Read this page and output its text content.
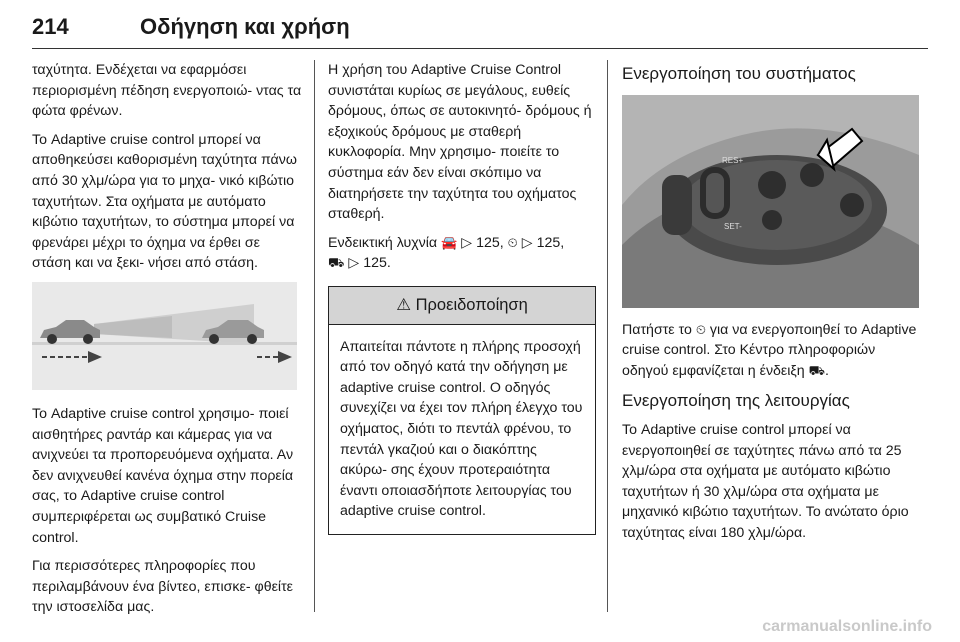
214	Οδήγηση και χρήση

ταχύτητα. Ενδέχεται να εφαρμόσει περιορισμένη πέδηση ενεργοποιώ- ντας τα φώτα φρένων.

Το Adaptive cruise control μπορεί να αποθηκεύσει καθορισμένη ταχύτητα πάνω από 30 χλμ/ώρα για το μηχα- νικό κιβώτιο ταχυτήτων. Στα οχήματα με αυτόματο κιβώτιο ταχυτήτων, το σύστημα μπορεί να φρενάρει μέχρι το όχημα να έρθει σε στάση και να ξεκι- νήσει από στάση.

Το Adaptive cruise control χρησιμο- ποιεί αισθητήρες ραντάρ και κάμερας για να ανιχνεύει τα προπορευόμενα οχήματα. Αν δεν ανιχνευθεί κανένα όχημα στην πορεία σας, το Adaptive cruise control συμπεριφέρεται ως συμβατικό Cruise control.

Για περισσότερες πληροφορίες που περιλαμβάνουν ένα βίντεο, επισκε- φθείτε την ιστοσελίδα μας.

Η χρήση του Adaptive Cruise Control συνιστάται κυρίως σε μεγάλους, ευθείς δρόμους, όπως σε αυτοκινητό- δρόμους ή εξοχικούς δρόμους με σταθερή κυκλοφορία. Μην χρησιμο- ποιείτε το σύστημα εάν δεν είναι σκόπιμο να διατηρήσετε την ταχύτητα του οχήματος σταθερή.

Ενδεικτική λυχνία 🚘 ▷ 125, ⏲ ▷ 125,
⛟ ▷ 125.

⚠ Προειδοποίηση
Απαιτείται πάντοτε η πλήρης προσοχή από τον οδηγό κατά την οδήγηση με adaptive cruise control. Ο οδηγός συνεχίζει να έχει τον πλήρη έλεγχο του οχήματος, διότι το πεντάλ φρένου, το πεντάλ γκαζιού και ο διακόπτης ακύρω- σης έχουν προτεραιότητα έναντι οποιασδήποτε λειτουργίας του adaptive cruise control.
Ενεργοποίηση του συστήματος
RES+
SET-

Πατήστε το ⏲ για να ενεργοποιηθεί το Adaptive cruise control. Στο Κέντρο πληροφοριών οδηγού εμφανίζεται η ένδειξη ⛟.

Ενεργοποίηση της λειτουργίας

Το Adaptive cruise control μπορεί να ενεργοποιηθεί σε ταχύτητες πάνω από τα 25 χλμ/ώρα στα οχήματα με αυτόματο κιβώτιο ταχυτήτων ή 30 χλμ/ώρα στα οχήματα με μηχανικό κιβώτιο ταχυτήτων. Το ανώτατο όριο ταχύτητας είναι 180 χλμ/ώρα.

carmanualsonline.info
